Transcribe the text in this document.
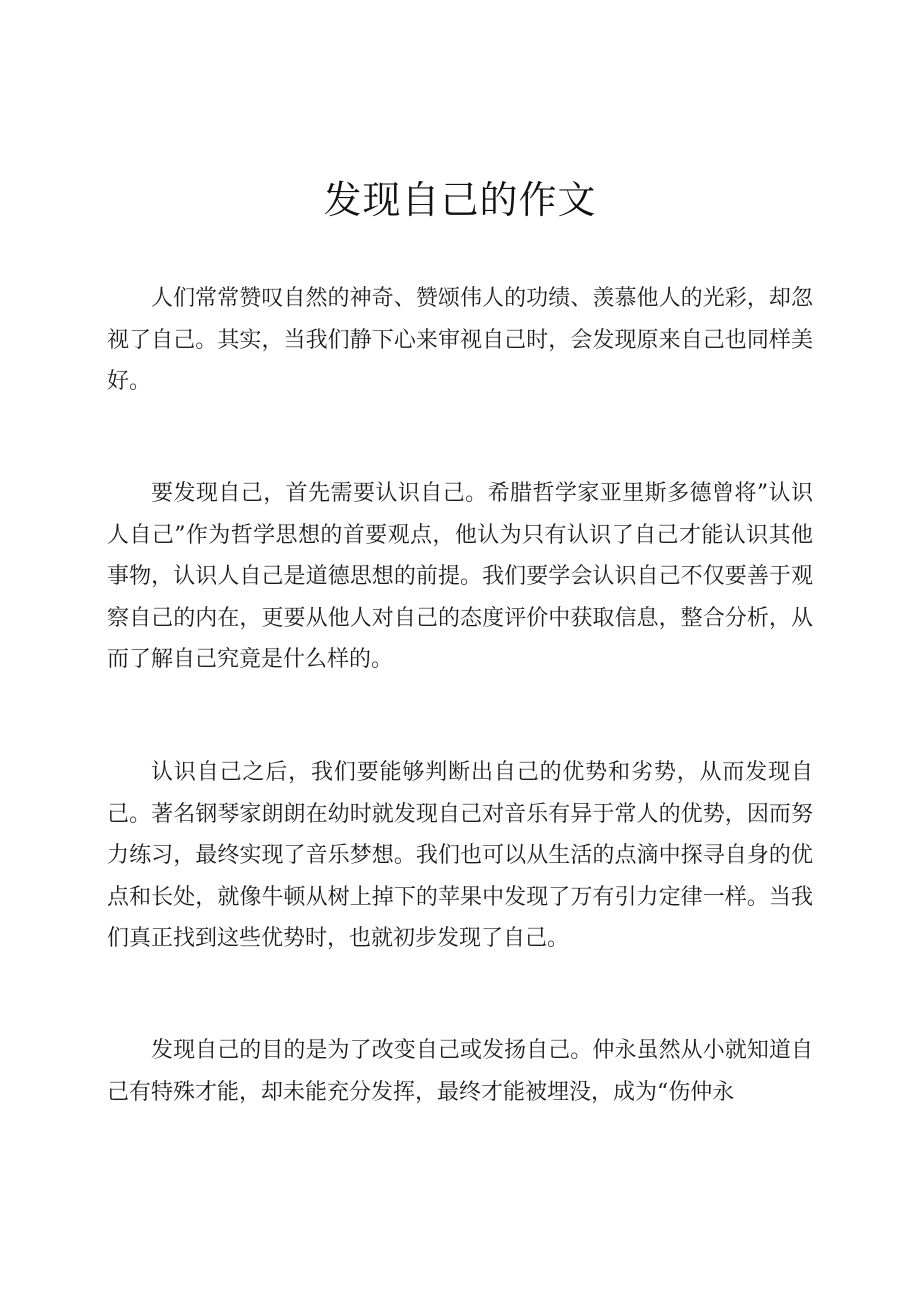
发现自己的作文

人们常常赞叹自然的神奇、赞颂伟人的功绩、羡慕他人的光彩，却忽视了自己。其实，当我们静下心来审视自己时，会发现原来自己也同样美好。

要发现自己，首先需要认识自己。希腊哲学家亚里斯多德曾将”认识人自己”作为哲学思想的首要观点，他认为只有认识了自己才能认识其他事物，认识人自己是道德思想的前提。我们要学会认识自己不仅要善于观察自己的内在，更要从他人对自己的态度评价中获取信息，整合分析，从而了解自己究竟是什么样的。

认识自己之后，我们要能够判断出自己的优势和劣势，从而发现自己。著名钢琴家朗朗在幼时就发现自己对音乐有异于常人的优势，因而努力练习，最终实现了音乐梦想。我们也可以从生活的点滴中探寻自身的优点和长处，就像牛顿从树上掉下的苹果中发现了万有引力定律一样。当我们真正找到这些优势时，也就初步发现了自己。

发现自己的目的是为了改变自己或发扬自己。仲永虽然从小就知道自己有特殊才能，却未能充分发挥，最终才能被埋没，成为“伤仲永
